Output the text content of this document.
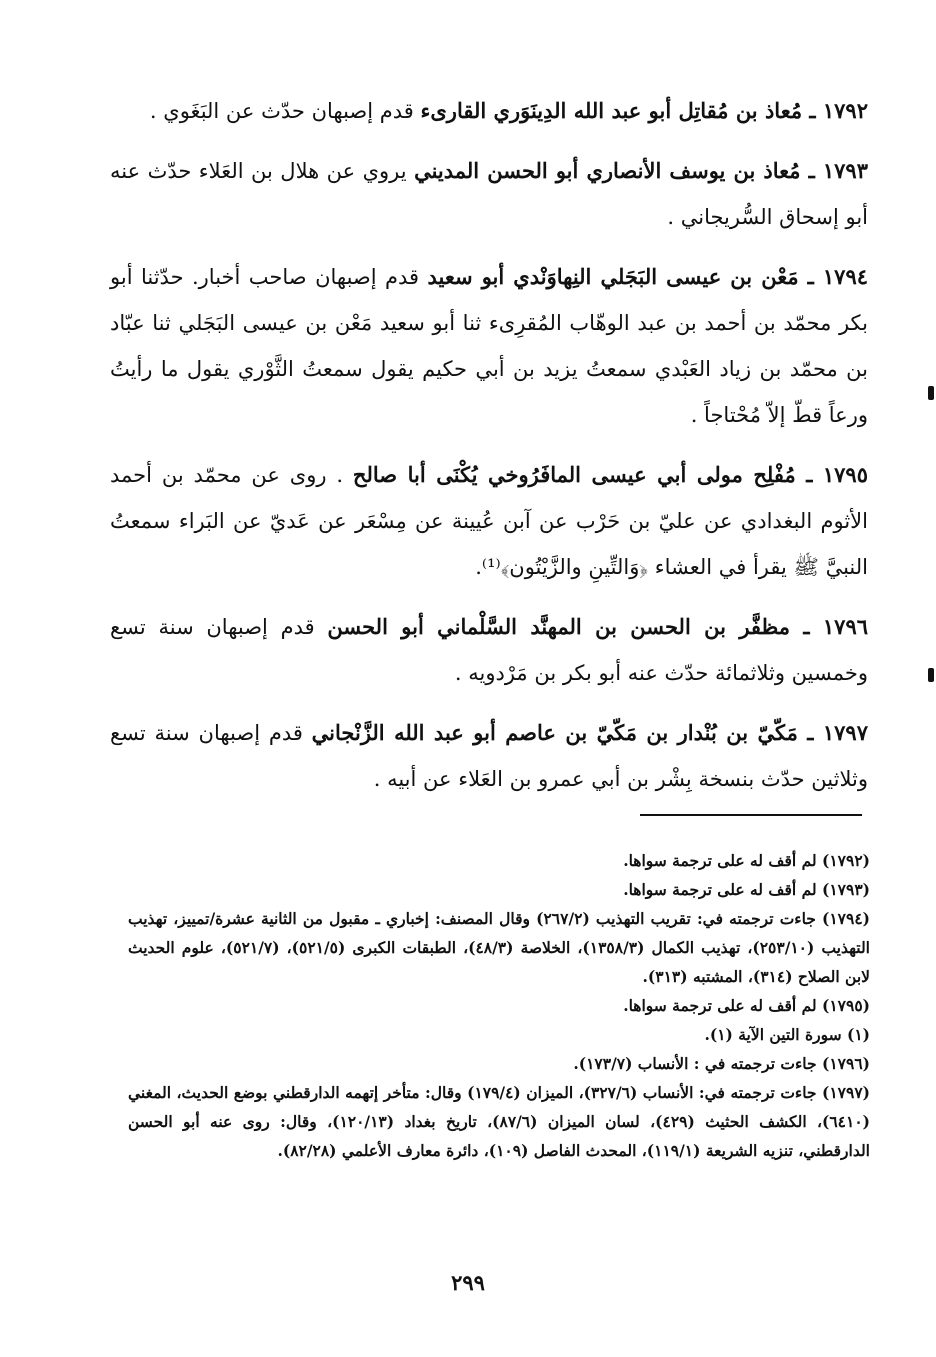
١٧٩٢ ـ مُعاذ بن مُقاتِل أبو عبد الله الدِينَوَري القارىء قدم إصبهان حدّث عن البَغَوي .

١٧٩٣ ـ مُعاذ بن يوسف الأنصاري أبو الحسن المديني يروي عن هلال بن العَلاء حدّث عنه أبو إسحاق السُّريجاني .

١٧٩٤ ـ مَعْن بن عيسى البَجَلي النِهاوَنْدي أبو سعيد قدم إصبهان صاحب أخبار. حدّثنا أبو بكر محمّد بن أحمد بن عبد الوهّاب المُقرِىء ثنا أبو سعيد مَعْن بن عيسى البَجَلي ثنا عبّاد بن محمّد بن زياد العَبْدي سمعتُ يزيد بن أبي حكيم يقول سمعتُ الثَّوْري يقول ما رأيتُ ورعاً قطّ إلاّ مُحْتاجاً .

١٧٩٥ ـ مُفْلِح مولى أبي عيسى المافَرُوخي يُكْنَى أبا صالح . روى عن محمّد بن أحمد الأثوم البغدادي عن عليّ بن حَرْب عن آبن عُيينة عن مِسْعَر عن عَديّ عن البَراء سمعتُ النبيَّ ﷺ يقرأ في العشاء ﴿وَالتِّينِ والزَّيْتُون﴾⁽¹⁾.

١٧٩٦ ـ مظفَّر بن الحسن بن المهنَّد السَّلْماني أبو الحسن قدم إصبهان سنة تسع وخمسين وثلاثمائة حدّث عنه أبو بكر بن مَرْدويه .

١٧٩٧ ـ مَكّيّ بن بُنْدار بن مَكّيّ بن عاصم أبو عبد الله الزَّنْجاني قدم إصبهان سنة تسع وثلاثين حدّث بنسخة بِشْر بن أبي عمرو بن العَلاء عن أبيه .

(١٧٩٢) لم أقف له على ترجمة سواها.

(١٧٩٣) لم أقف له على ترجمة سواها.

(١٧٩٤) جاءت ترجمته في: تقريب التهذيب (٢٦٧/٢) وقال المصنف: إخباري ـ مقبول من الثانية عشرة/تمييز، تهذيب التهذيب (٢٥٣/١٠)، تهذيب الكمال (١٣٥٨/٣)، الخلاصة (٤٨/٣)، الطبقات الكبرى (٥٢١/٥)، (٥٢١/٧)، علوم الحديث لابن الصلاح (٣١٤)، المشتبه (٣١٣).

(١٧٩٥) لم أقف له على ترجمة سواها.

(١) سورة التين الآية (١).

(١٧٩٦) جاءت ترجمته في : الأنساب (١٧٣/٧).

(١٧٩٧) جاءت ترجمته في: الأنساب (٣٢٧/٦)، الميزان (١٧٩/٤) وقال: متأخر إتهمه الدارقطني بوضع الحديث، المغني (٦٤١٠)، الكشف الحثيث (٤٢٩)، لسان الميزان (٨٧/٦)، تاريخ بغداد (١٢٠/١٣)، وقال: روى عنه أبو الحسن الدارقطني، تنزيه الشريعة (١١٩/١)، المحدث الفاصل (١٠٩)، دائرة معارف الأعلمي (٨٢/٢٨).

٢٩٩
